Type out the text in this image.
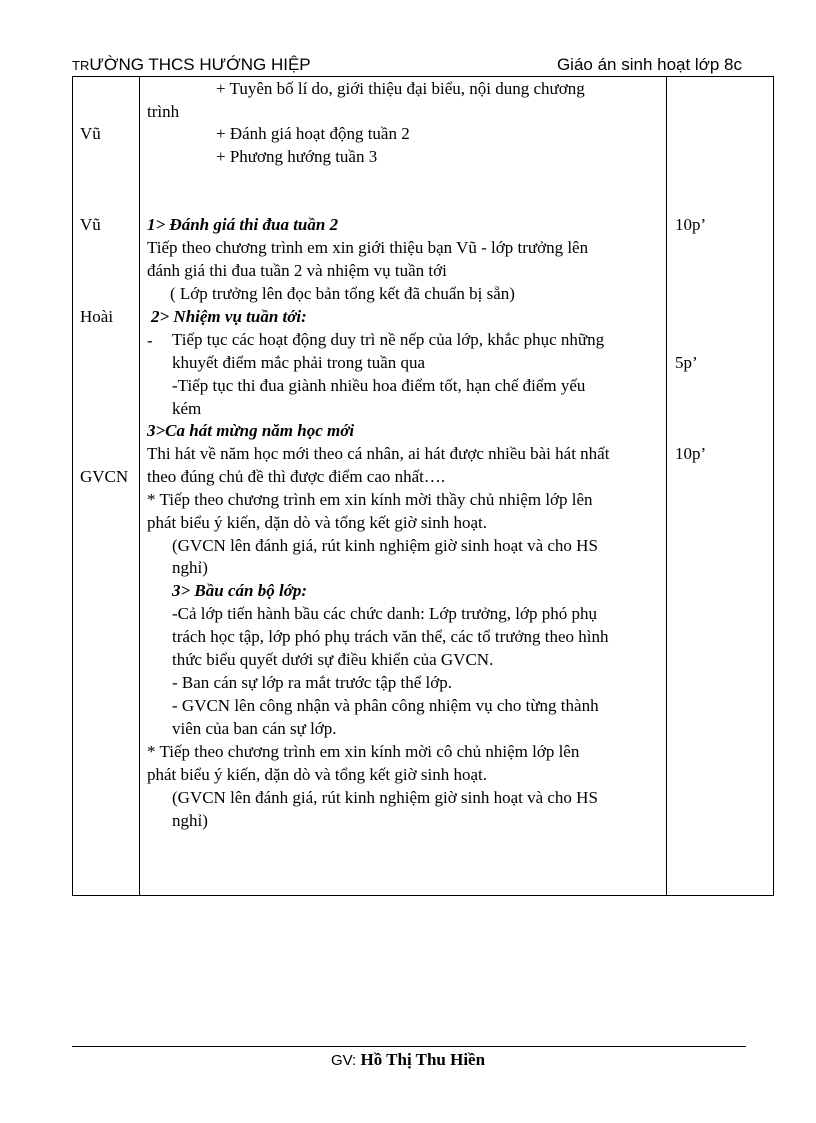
TRƯỜNG THCS HƯỚNG HIỆP	Giáo án sinh hoạt lớp 8c
Vũ
Vũ
Hoài
GVCN
+ Tuyên bố lí do, giới thiệu đại biểu, nội dung chương
trình
+ Đánh giá hoạt động tuần 2
+ Phương hướng tuần 3
1> Đánh giá thi đua tuần 2
Tiếp theo chương trình em xin giới thiệu bạn Vũ - lớp trưởng lên
đánh giá thi đua tuần 2 và nhiệm vụ tuần tới
( Lớp trưởng lên đọc bản tổng kết đã chuẩn bị sẵn)
2> Nhiệm vụ tuần tới:
- Tiếp tục các hoạt động duy trì nề nếp của lớp, khắc phục những
khuyết điểm mắc phải trong tuần qua
-Tiếp tục thi đua giành nhiều hoa điểm tốt, hạn chế điểm yếu
kém
3>Ca hát mừng năm học mới
Thi hát về năm học mới theo cá nhân, ai hát được nhiều bài hát nhất
theo đúng chủ đề thì được điểm cao nhất….
* Tiếp theo chương trình em xin kính mời thầy chủ nhiệm lớp lên
phát biểu ý kiến, dặn dò và tổng kết giờ sinh hoạt.
(GVCN lên đánh giá, rút kinh nghiệm giờ sinh hoạt và cho HS
nghỉ)
3> Bầu cán bộ lớp:
-Cả lớp tiến hành bầu các chức danh: Lớp trưởng, lớp phó phụ
trách học tập, lớp phó phụ trách văn thể, các tổ trưởng theo hình
thức biểu quyết dưới sự điều khiển của GVCN.
- Ban cán sự lớp ra mắt trước tập thể lớp.
- GVCN lên công nhận và phân công nhiệm vụ cho từng thành
viên của ban cán sự lớp.
* Tiếp theo chương trình em xin kính mời cô chủ nhiệm lớp lên
phát biểu ý kiến, dặn dò và tổng kết giờ sinh hoạt.
(GVCN lên đánh giá, rút kinh nghiệm giờ sinh hoạt và cho HS
nghỉ)
10p’
5p’
10p’
GV: Hồ Thị Thu Hiền
